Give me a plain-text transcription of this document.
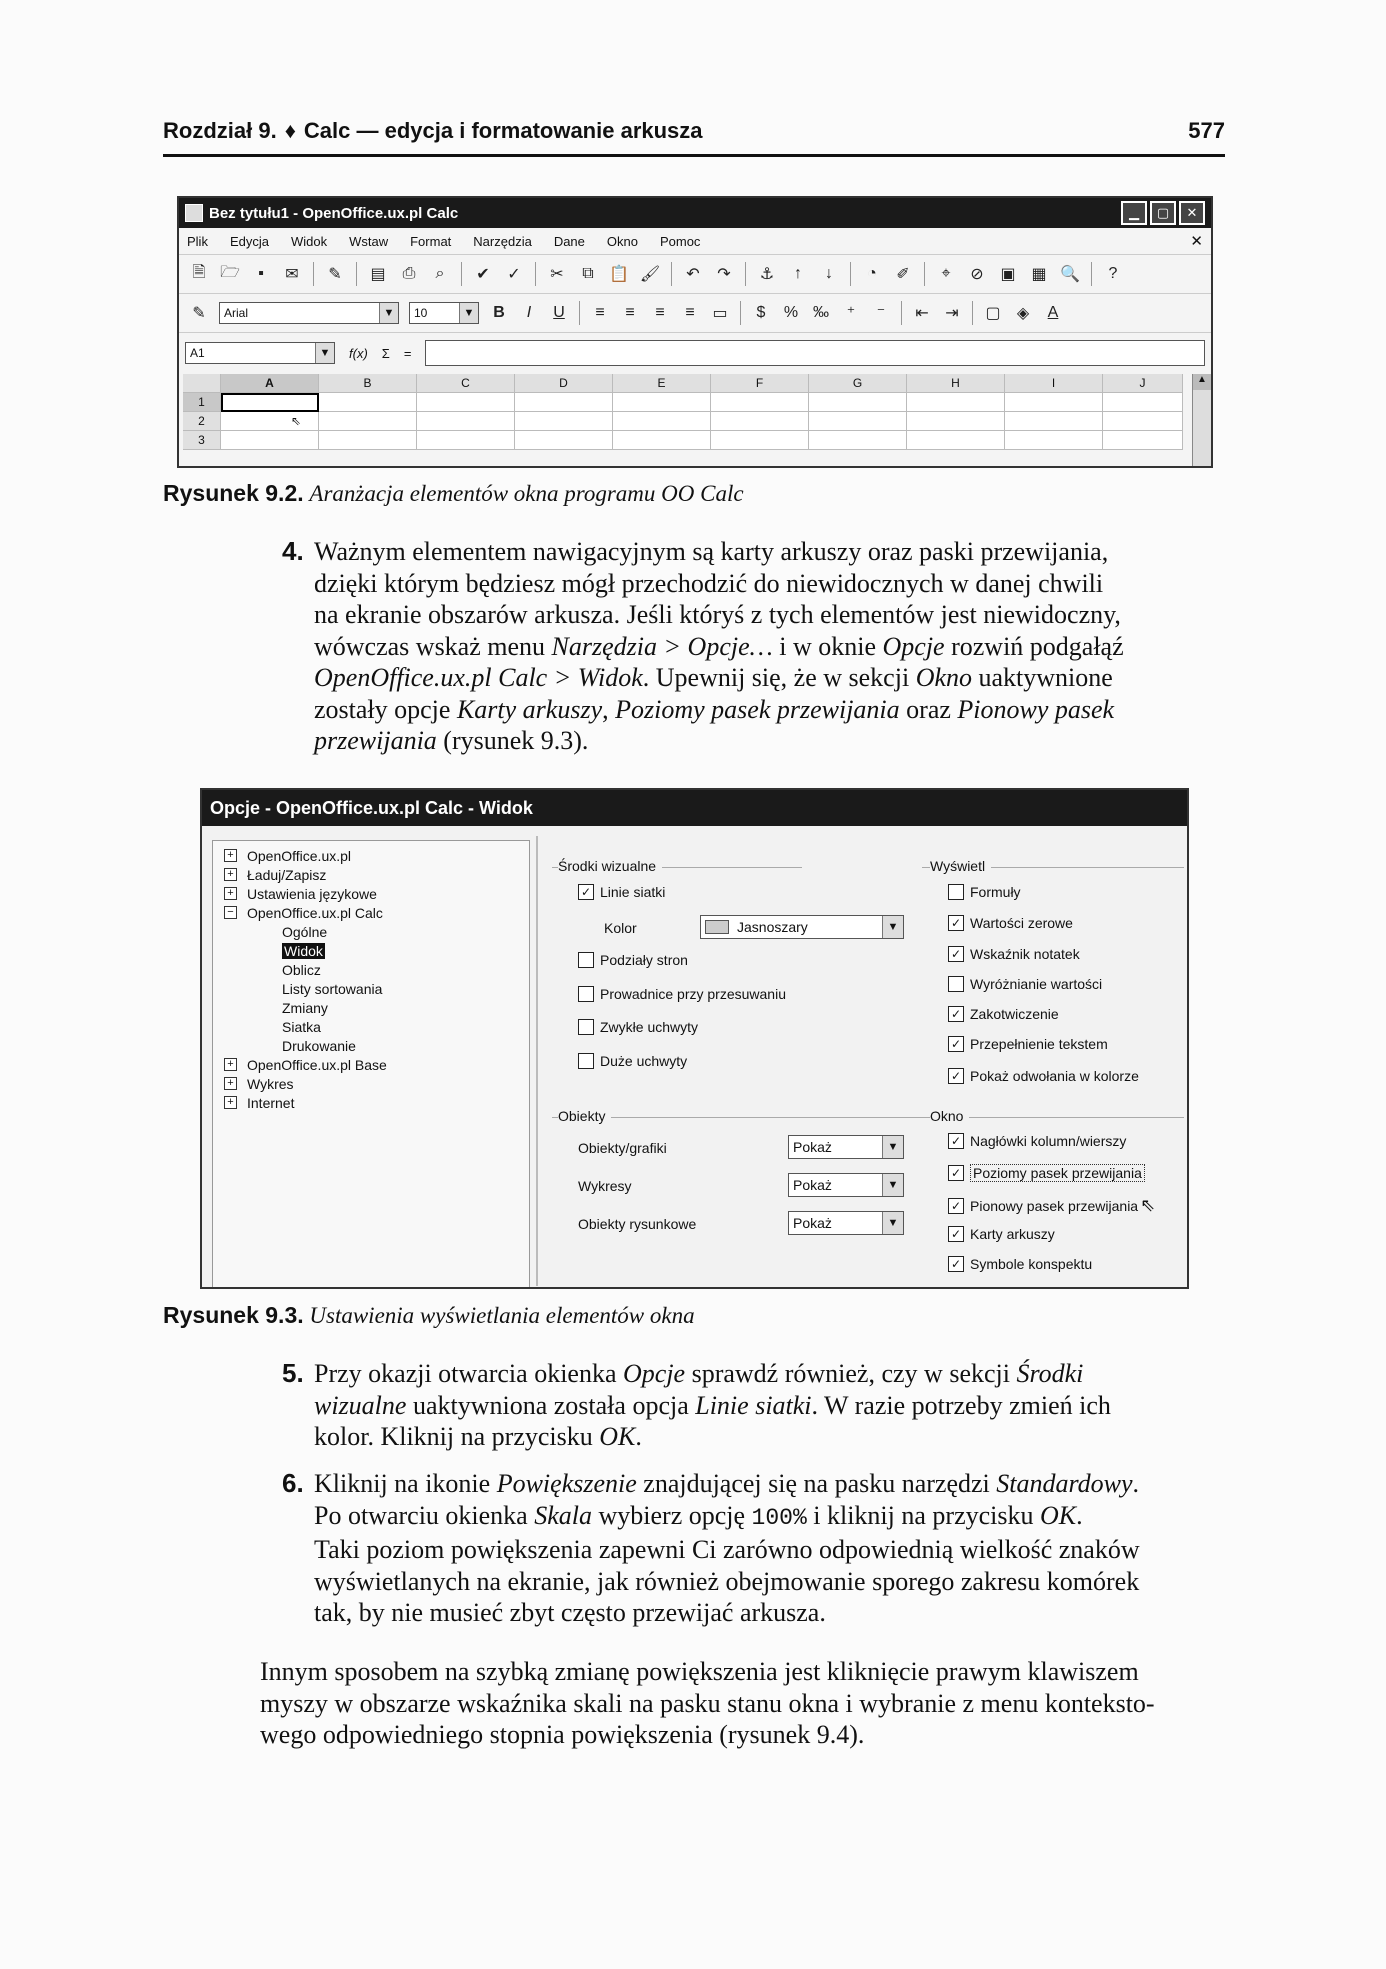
Rozdział 9. ♦ Calc — edycja i formatowanie arkusza	577
Bez tytułu1 - OpenOffice.ux.pl Calc	▁	▢	✕
Plik Edycja Widok Wstaw Format Narzędzia Dane Okno Pomoc	✕
🗎 🗁	▪	✉ ✎ ▤ ⎙	⌕	✔ ✓ ✂ ⧉ 📋 🖌 ↶ ↷ ⚓	↑	↓	◔	✐	⌖	⊘ ▣ ▦ 🔍	?
✎ Arial	▼ 10	▼ B	I	U	≡	≡	≡	≡	▭	$	% ‰	⁺	⁻	⇤ ⇥ ▢ ◈ A
A1	▼ f(x) Σ =
A	B	C	D	E	F	G	H	I	J
1
2	⇖
3
▲
Rysunek 9.2. Aranżacja elementów okna programu OO Calc
4. Ważnym elementem nawigacyjnym są karty arkuszy oraz paski przewijania,
dzięki którym będziesz mógł przechodzić do niewidocznych w danej chwili
na ekranie obszarów arkusza. Jeśli któryś z tych elementów jest niewidoczny,
wówczas wskaż menu Narzędzia > Opcje… i w oknie Opcje rozwiń podgałąź
OpenOffice.ux.pl Calc > Widok. Upewnij się, że w sekcji Okno uaktywnione
zostały opcje Karty arkuszy, Poziomy pasek przewijania oraz Pionowy pasek
przewijania (rysunek 9.3).
Opcje - OpenOffice.ux.pl Calc - Widok
+ OpenOffice.ux.pl
+ Ładuj/Zapisz
+ Ustawienia językowe
− OpenOffice.ux.pl Calc
Ogólne
Widok
Oblicz
Listy sortowania
Zmiany
Siatka
Drukowanie
+ OpenOffice.ux.pl Base
+ Wykres
+ Internet
Środki wizualne
✓ Linie siatki
Kolor	Jasnoszary	▼
Podziały stron
Prowadnice przy przesuwaniu
Zwykłe uchwyty
Duże uchwyty
Wyświetl
Formuły
✓ Wartości zerowe
✓ Wskaźnik notatek
Wyróżnianie wartości
✓ Zakotwiczenie
✓ Przepełnienie tekstem
✓ Pokaż odwołania w kolorze
Obiekty
Obiekty/grafiki	Pokaż	▼
Wykresy	Pokaż	▼
Obiekty rysunkowe	Pokaż	▼
Okno
✓ Nagłówki kolumn/wierszy
✓ Poziomy pasek przewijania
✓ Pionowy pasek przewijania ⇖
✓ Karty arkuszy
✓ Symbole konspektu
Rysunek 9.3. Ustawienia wyświetlania elementów okna
5. Przy okazji otwarcia okienka Opcje sprawdź również, czy w sekcji Środki
wizualne uaktywniona została opcja Linie siatki. W razie potrzeby zmień ich
kolor. Kliknij na przycisku OK.
6. Kliknij na ikonie Powiększenie znajdującej się na pasku narzędzi Standardowy.
Po otwarciu okienka Skala wybierz opcję 100% i kliknij na przycisku OK.
Taki poziom powiększenia zapewni Ci zarówno odpowiednią wielkość znaków
wyświetlanych na ekranie, jak również obejmowanie sporego zakresu komórek
tak, by nie musieć zbyt często przewijać arkusza.
Innym sposobem na szybką zmianę powiększenia jest kliknięcie prawym klawiszem
myszy w obszarze wskaźnika skali na pasku stanu okna i wybranie z menu konteksto-
wego odpowiedniego stopnia powiększenia (rysunek 9.4).
